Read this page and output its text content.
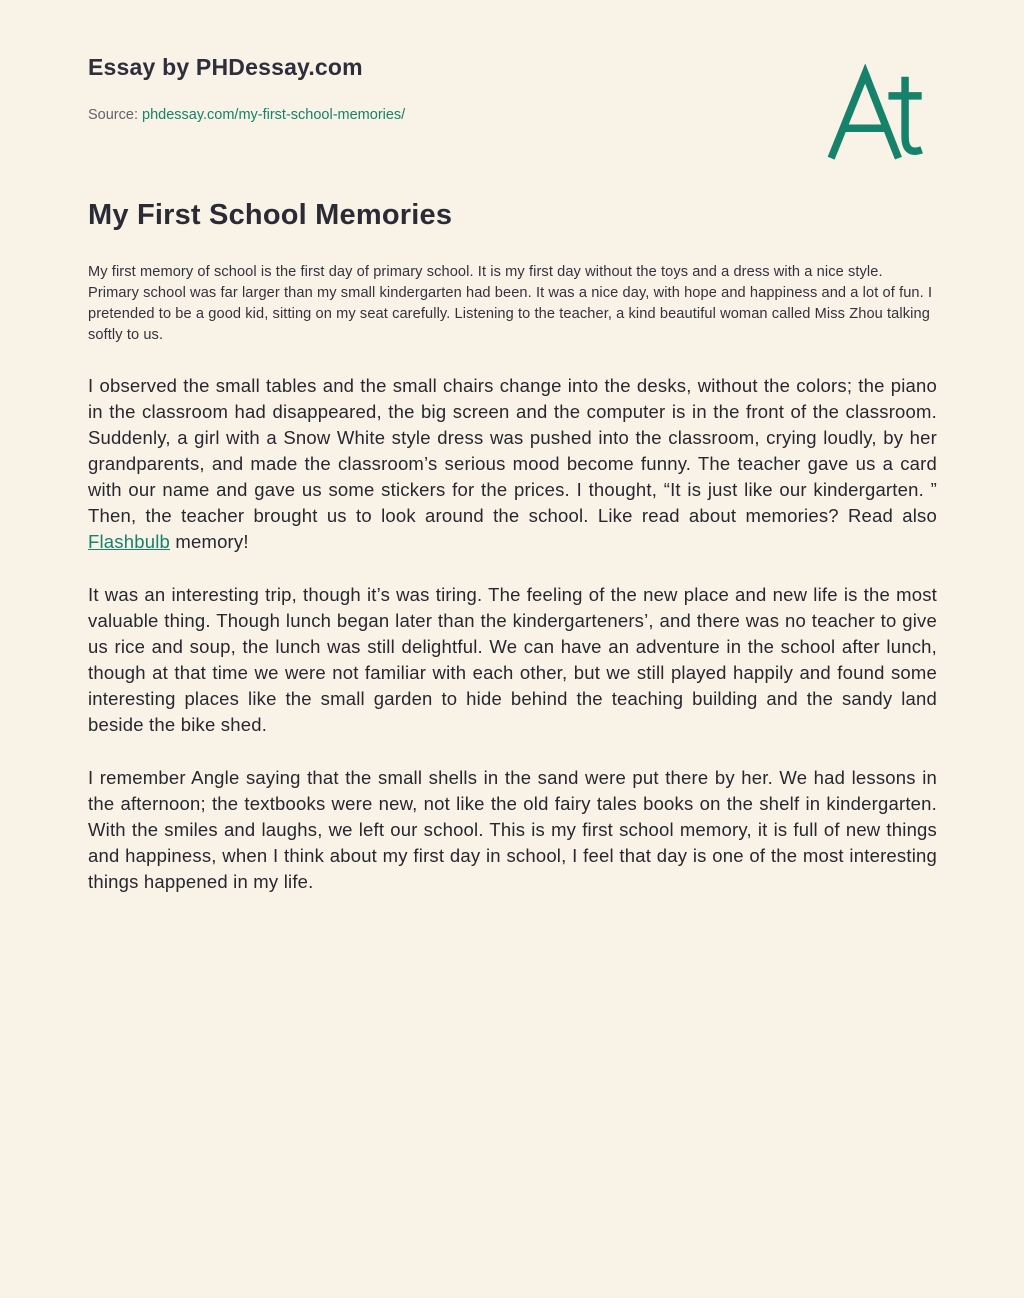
Essay by PHDessay.com

Source: phdessay.com/my-first-school-memories/

My First School Memories

My first memory of school is the first day of primary school. It is my first day without the toys and a dress with a nice style. Primary school was far larger than my small kindergarten had been. It was a nice day, with hope and happiness and a lot of fun. I pretended to be a good kid, sitting on my seat carefully. Listening to the teacher, a kind beautiful woman called Miss Zhou talking softly to us.

I observed the small tables and the small chairs change into the desks, without the colors; the piano in the classroom had disappeared, the big screen and the computer is in the front of the classroom. Suddenly, a girl with a Snow White style dress was pushed into the classroom, crying loudly, by her grandparents, and made the classroom’s serious mood become funny. The teacher gave us a card with our name and gave us some stickers for the prices. I thought, “It is just like our kindergarten. ” Then, the teacher brought us to look around the school. Like read about memories? Read also Flashbulb memory!

It was an interesting trip, though it’s was tiring. The feeling of the new place and new life is the most valuable thing. Though lunch began later than the kindergarteners’, and there was no teacher to give us rice and soup, the lunch was still delightful. We can have an adventure in the school after lunch, though at that time we were not familiar with each other, but we still played happily and found some interesting places like the small garden to hide behind the teaching building and the sandy land beside the bike shed.

I remember Angle saying that the small shells in the sand were put there by her. We had lessons in the afternoon; the textbooks were new, not like the old fairy tales books on the shelf in kindergarten. With the smiles and laughs, we left our school. This is my first school memory, it is full of new things and happiness, when I think about my first day in school, I feel that day is one of the most interesting things happened in my life.
